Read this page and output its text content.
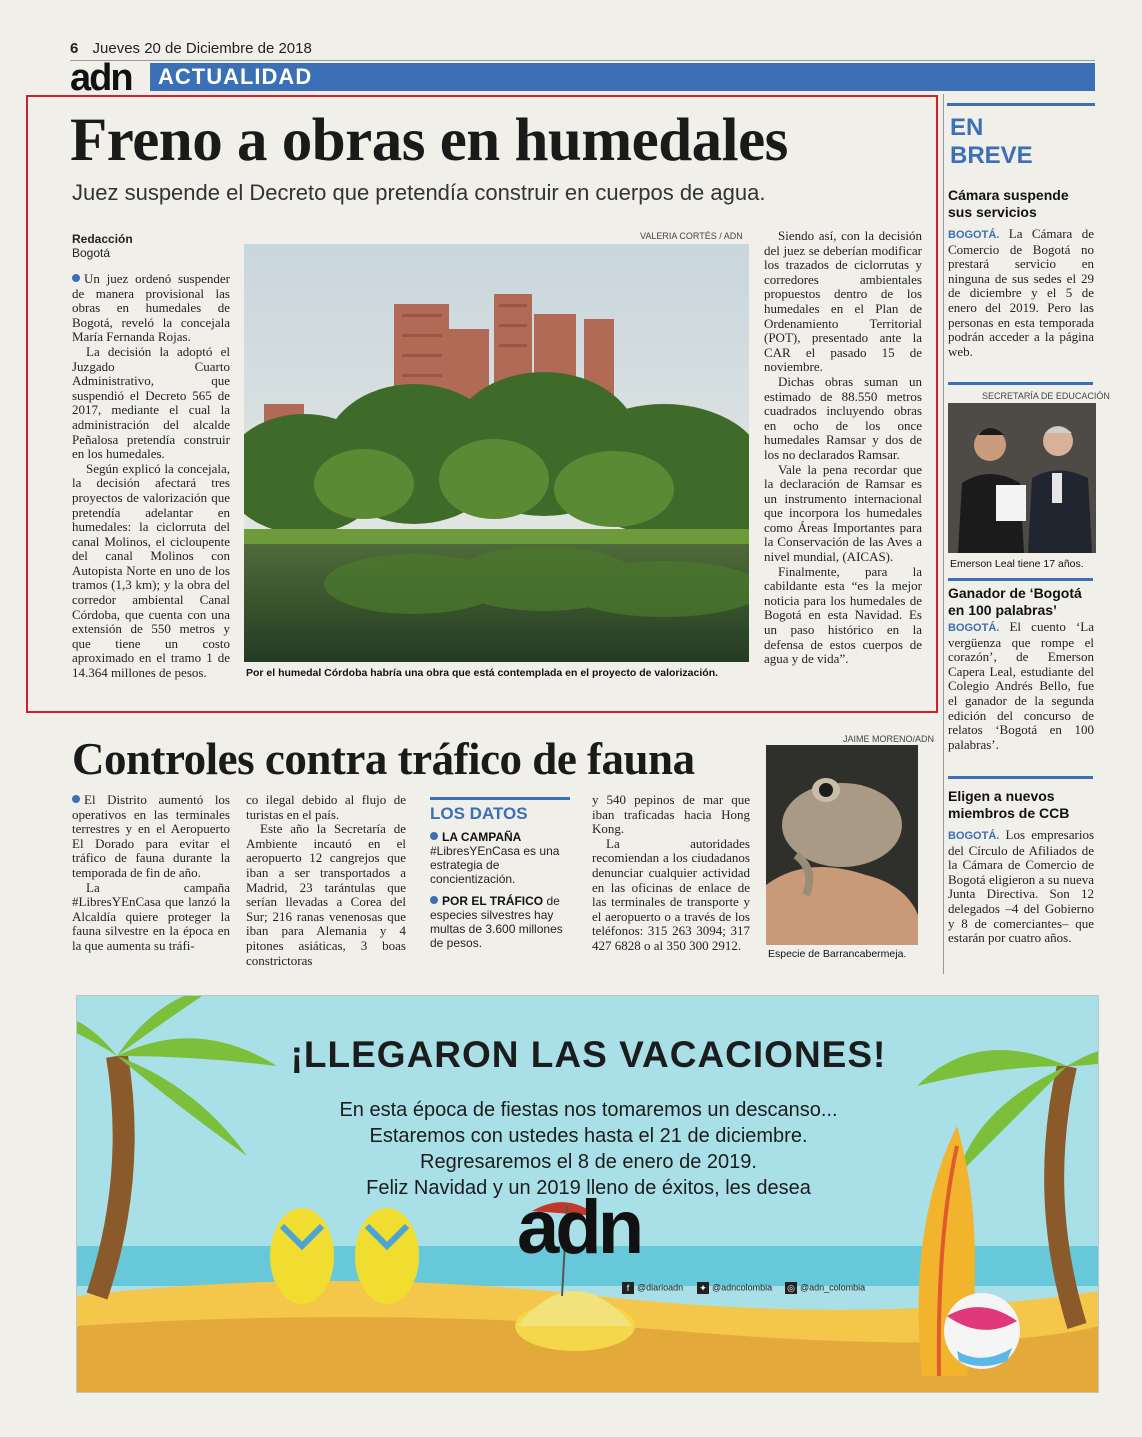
6 Jueves 20 de Diciembre de 2018
adn ACTUALIDAD
Freno a obras en humedales
Juez suspende el Decreto que pretendía construir en cuerpos de agua.
VALERIA CORTÉS / ADN
Redacción
Bogotá

Un juez ordenó suspender de manera provisional las obras en humedales de Bogotá, reveló la concejala María Fernanda Rojas.

La decisión la adoptó el Juzgado Cuarto Administrativo, que suspendió el Decreto 565 de 2017, mediante el cual la administración del alcalde Peñalosa pretendía construir en los humedales.

Según explicó la concejala, la decisión afectará tres proyectos de valorización que pretendía adelantar en humedales: la ciclorruta del canal Molinos, el cicloupente del canal Molinos con Autopista Norte en uno de los tramos (1,3 km); y la obra del corredor ambiental Canal Córdoba, que cuenta con una extensión de 550 metros y que tiene un costo aproximado en el tramo 1 de 14.364 millones de pesos.

Siendo así, con la decisión del juez se deberían modificar los trazados de ciclorrutas y corredores ambientales propuestos dentro de los humedales en el Plan de Ordenamiento Territorial (POT), presentado ante la CAR el pasado 15 de noviembre.

Dichas obras suman un estimado de 88.550 metros cuadrados incluyendo obras en ocho de los once humedales Ramsar y dos de los no declarados Ramsar.

Vale la pena recordar que la declaración de Ramsar es un instrumento internacional que incorpora los humedales como Áreas Importantes para la Conservación de las Aves a nivel mundial, (AICAS).

Finalmente, para la cabildante esta “es la mejor noticia para los humedales de Bogotá en esta Navidad. Es un paso histórico en la defensa de estos cuerpos de agua y de vida”.

Por el humedal Córdoba habría una obra que está contemplada en el proyecto de valorización.
EN
BREVE
Cámara suspende sus servicios

BOGOTÁ. La Cámara de Comercio de Bogotá no prestará servicio en ninguna de sus sedes el 29 de diciembre y el 5 de enero del 2019. Pero las personas en esta temporada podrán acceder a la página web.

SECRETARÍA DE EDUCACIÓN
Emerson Leal tiene 17 años.
Ganador de ‘Bogotá en 100 palabras’

BOGOTÁ. El cuento ‘La vergüenza que rompe el corazón’, de Emerson Capera Leal, estudiante del Colegio Andrés Bello, fue el ganador de la segunda edición del concurso de relatos ‘Bogotá en 100 palabras’.

Eligen a nuevos miembros de CCB

BOGOTÁ. Los empresarios del Círculo de Afiliados de la Cámara de Comercio de Bogotá eligieron a su nueva Junta Directiva. Son 12 delegados –4 del Gobierno y 8 de comerciantes– que estarán por cuatro años.

Controles contra tráfico de fauna	JAIME MORENO/ADN

El Distrito aumentó los operativos en las terminales terrestres y en el Aeropuerto El Dorado para evitar el tráfico de fauna durante la temporada de fin de año.

La campaña #LibresYEnCasa que lanzó la Alcaldía quiere proteger la fauna silvestre en la época en la que aumenta su tráfi-

co ilegal debido al flujo de turistas en el país.

Este año la Secretaría de Ambiente incautó en el aeropuerto 12 cangrejos que iban a ser transportados a Madrid, 23 tarántulas que serían llevadas a Corea del Sur; 216 ranas venenosas que iban para Alemania y 4 pitones asiáticas, 3 boas constrictoras

LOS DATOS
LA CAMPAÑA #LibresYEnCasa es una estrategia de concientización.
POR EL TRÁFICO de especies silvestres hay multas de 3.600 millones de pesos.

y 540 pepinos de mar que iban traficadas hacia Hong Kong.

La autoridades recomiendan a los ciudadanos denunciar cualquier actividad en las oficinas de enlace de las terminales de transporte y el aeropuerto o a través de los teléfonos: 315 263 3094; 317 427 6828 o al 350 300 2912.

Especie de Barrancabermeja.
¡LLEGARON LAS VACACIONES!
En esta época de fiestas nos tomaremos un descanso...
Estaremos con ustedes hasta el 21 de diciembre.
Regresaremos el 8 de enero de 2019.
Feliz Navidad y un 2019 lleno de éxitos, les desea
adn
f @diarioadn ✦ @adncolombia ◎ @adn_colombia
